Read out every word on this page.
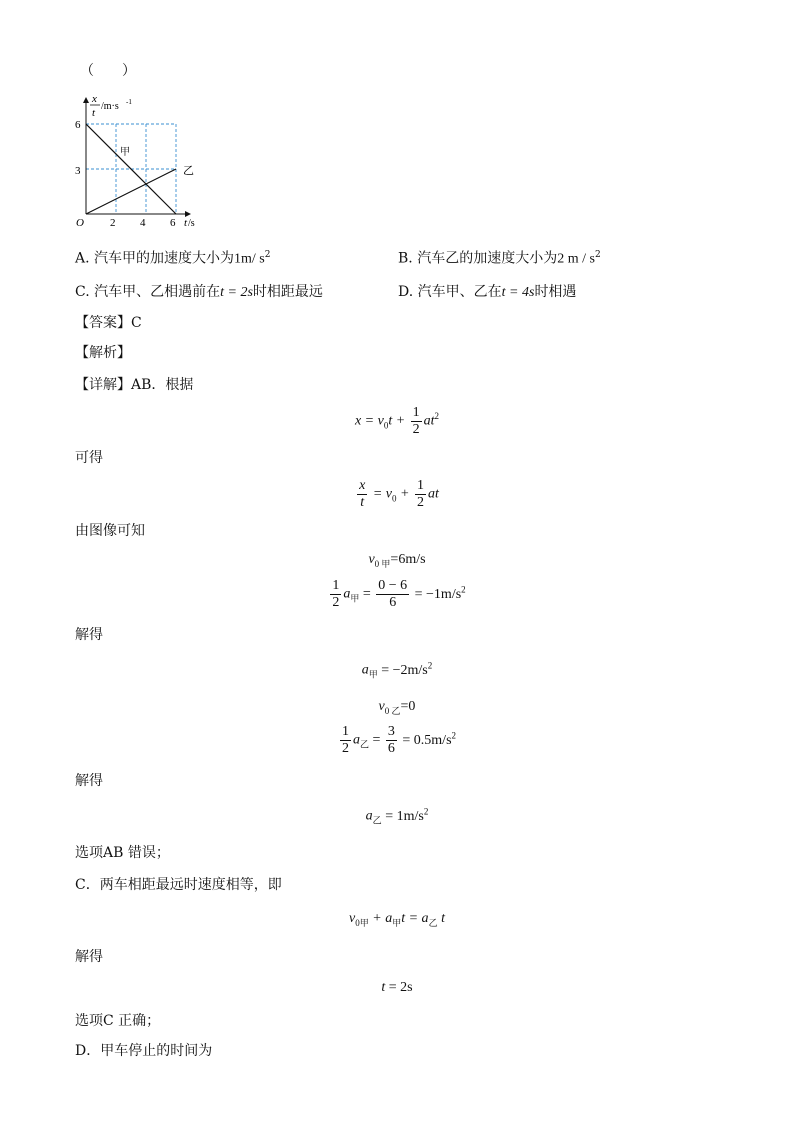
（　　）
x
t
/m·s -1
t /s
O
6
3
2 4 6
甲
乙
A. 汽车甲的加速度大小为1m/ $s^2$	B. 汽车乙的加速度大小为2 m / $s^2$
C. 汽车甲、乙相遇前在t = 2s时相距最远	D. 汽车甲、乙在t = 4s时相遇
【答案】C
【解析】
【详解】AB．根据
$x = v_0t + \frac{1}{2} at^2$
可得
$\frac{x}{t} = v_0 + \frac{1}{2}$ at
由图像可知
$v_{0 甲}=6m/s$
$\frac{1}{2} a_甲 = \frac{0 - 6}{6} = -1m/s^2$
解得
$a_甲 = -2m/s^2$
$v_{0 乙}=0$
$\frac{1}{2} a_乙 = \frac{3}{6} = 0.5m/s^2$
解得
$a_乙 = 1m/s^2$
选项AB 错误；
C．两车相距最远时速度相等，即
$v_{0甲} + a_甲t = a_乙$ t
解得
t = 2s
选项C 正确；
D．甲车停止的时间为
